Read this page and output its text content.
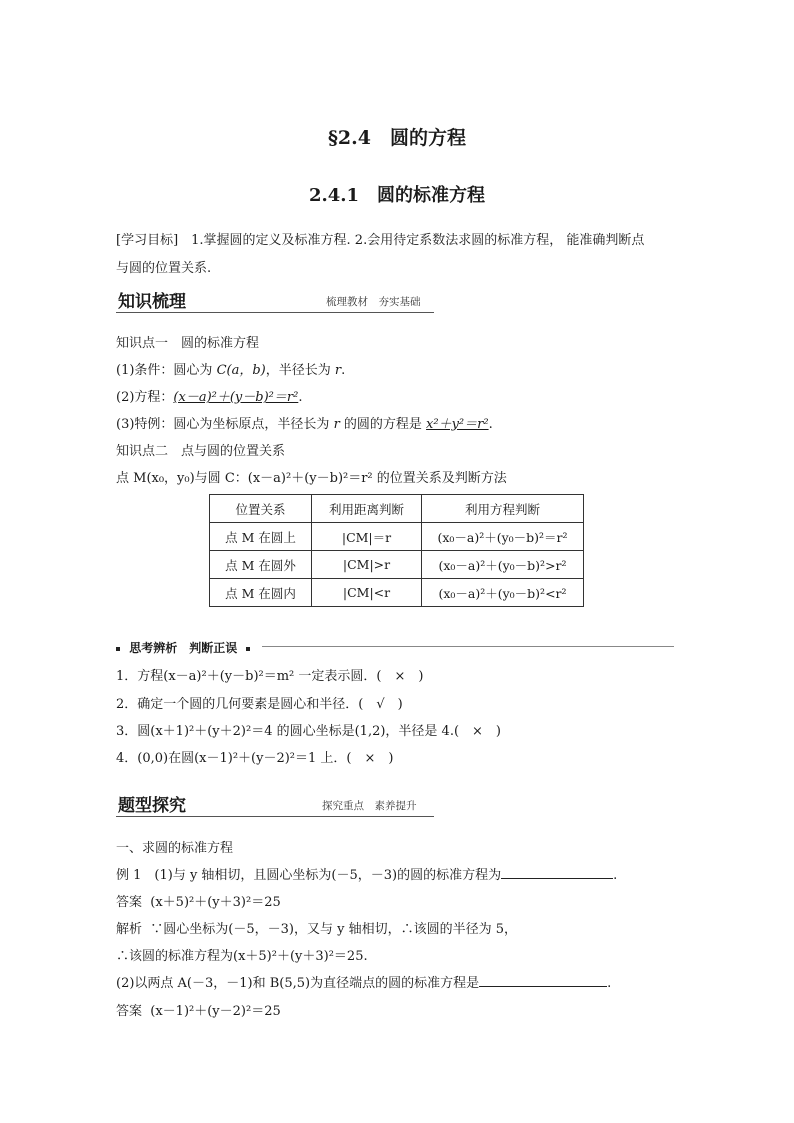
§2.4　圆的方程
2.4.1　圆的标准方程
[学习目标]　1.掌握圆的定义及标准方程. 2.会用待定系数法求圆的标准方程， 能准确判断点
与圆的位置关系.
知识梳理	梳理教材　夯实基础
知识点一　圆的标准方程
(1)条件：圆心为 C(a，b)，半径长为 r.
(2)方程：(x－a)²＋(y－b)²＝r².
(3)特例：圆心为坐标原点，半径长为 r 的圆的方程是 x²＋y²＝r².
知识点二　点与圆的位置关系
点 M(x₀，y₀)与圆 C：(x－a)²＋(y－b)²＝r² 的位置关系及判断方法
位置关系	利用距离判断	利用方程判断
点 M 在圆上	|CM|＝r	(x₀－a)²＋(y₀－b)²＝r²
点 M 在圆外	|CM|>r	(x₀－a)²＋(y₀－b)²>r²
点 M 在圆内	|CM|<r	(x₀－a)²＋(y₀－b)²<r²
思考辨析　判断正误
1．方程(x－a)²＋(y－b)²＝m² 一定表示圆．(　×　)
2．确定一个圆的几何要素是圆心和半径．(　√　)
3．圆(x＋1)²＋(y＋2)²＝4 的圆心坐标是(1,2)，半径是 4.(　×　)
4．(0,0)在圆(x－1)²＋(y－2)²＝1 上．(　×　)
题型探究	探究重点　素养提升
一、求圆的标准方程
例 1　(1)与 y 轴相切，且圆心坐标为(－5，－3)的圆的标准方程为	.
答案 (x＋5)²＋(y＋3)²＝25
解析 ∵圆心坐标为(－5，－3)，又与 y 轴相切，∴该圆的半径为 5，
∴该圆的标准方程为(x＋5)²＋(y＋3)²＝25.
(2)以两点 A(－3，－1)和 B(5,5)为直径端点的圆的标准方程是	.
答案 (x－1)²＋(y－2)²＝25
